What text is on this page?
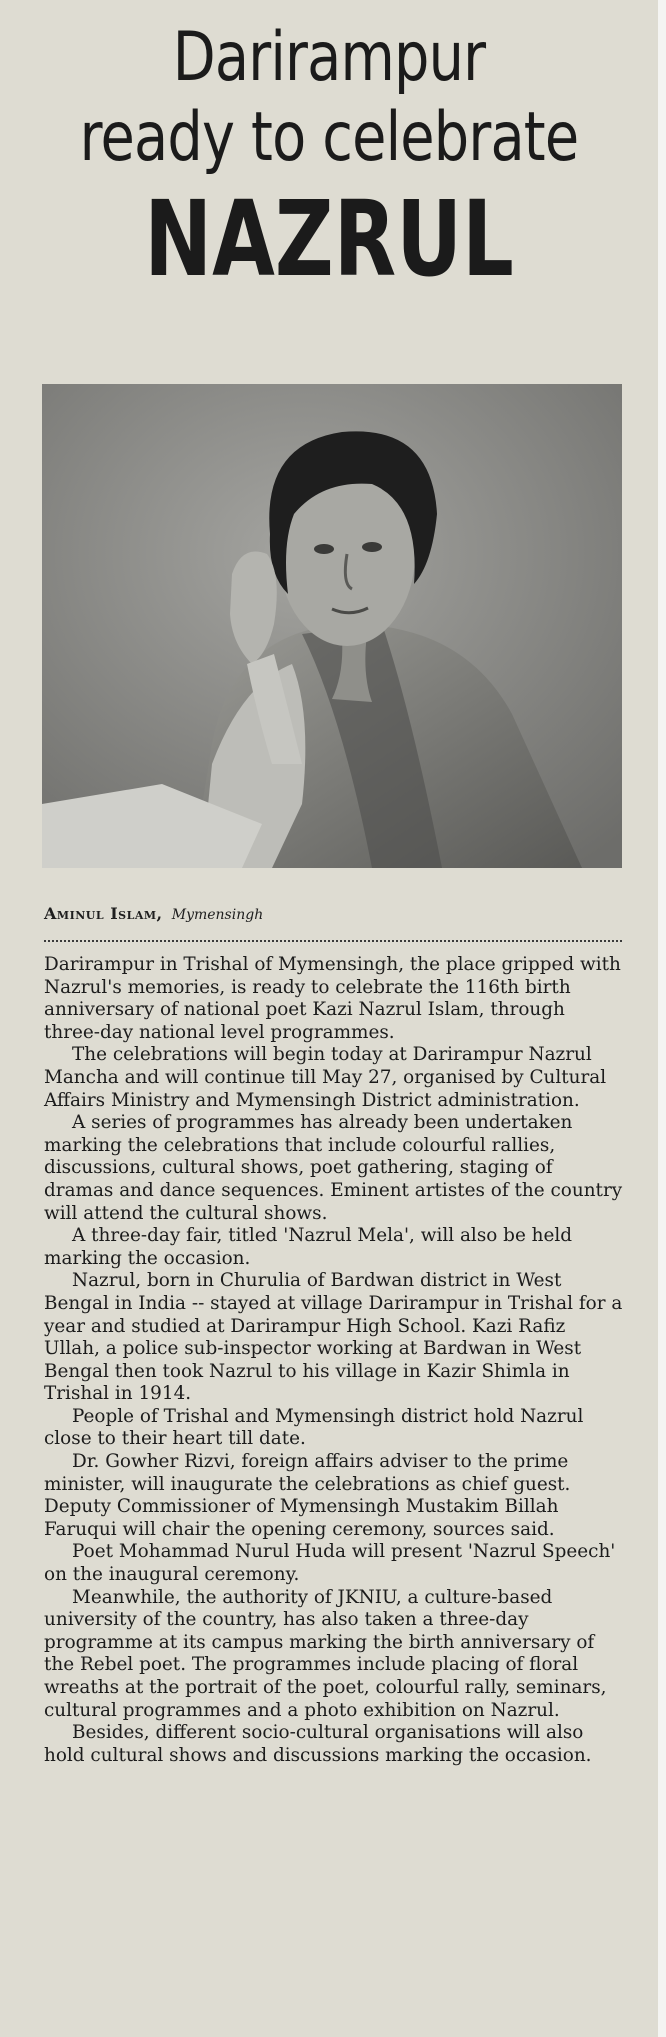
Darirampur
ready to celebrate
NAZRUL
Aminul Islam, Mymensingh

Darirampur in Trishal of Mymensingh, the place gripped with Nazrul's memories, is ready to celebrate the 116th birth anniversary of national poet Kazi Nazrul Islam, through three-day national level programmes.

The celebrations will begin today at Darirampur Nazrul Mancha and will continue till May 27, organised by Cultural Affairs Ministry and Mymensingh District administration.

A series of programmes has already been undertaken marking the celebrations that include colourful rallies, discussions, cultural shows, poet gathering, staging of dramas and dance sequences. Eminent artistes of the country will attend the cultural shows.

A three-day fair, titled 'Nazrul Mela', will also be held marking the occasion.

Nazrul, born in Churulia of Bardwan district in West Bengal in India -- stayed at village Darirampur in Trishal for a year and studied at Darirampur High School. Kazi Rafiz Ullah, a police sub-inspector working at Bardwan in West Bengal then took Nazrul to his village in Kazir Shimla in Trishal in 1914.

People of Trishal and Mymensingh district hold Nazrul close to their heart till date.

Dr. Gowher Rizvi, foreign affairs adviser to the prime minister, will inaugurate the celebrations as chief guest. Deputy Commissioner of Mymensingh Mustakim Billah Faruqui will chair the opening ceremony, sources said.

Poet Mohammad Nurul Huda will present 'Nazrul Speech' on the inaugural ceremony.

Meanwhile, the authority of JKNIU, a culture-based university of the country, has also taken a three-day programme at its campus marking the birth anniversary of the Rebel poet. The programmes include placing of floral wreaths at the portrait of the poet, colourful rally, seminars, cultural programmes and a photo exhibition on Nazrul.

Besides, different socio-cultural organisations will also hold cultural shows and discussions marking the occasion.
